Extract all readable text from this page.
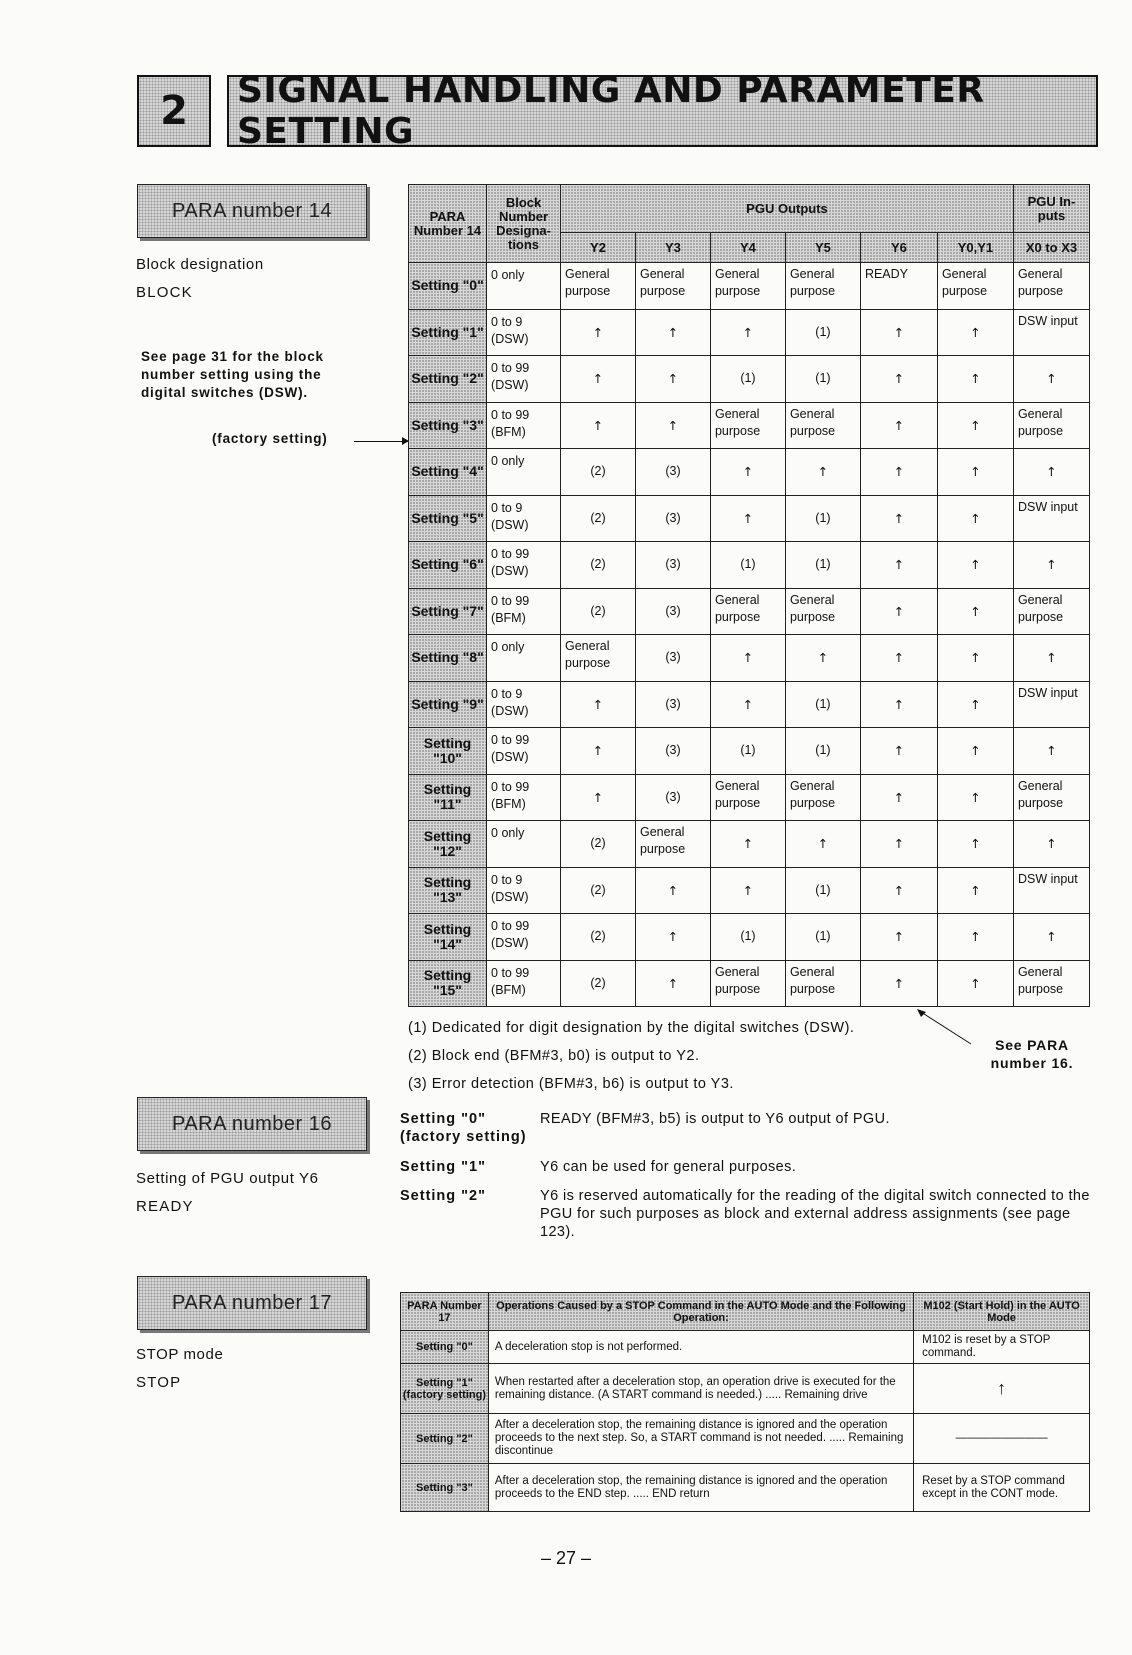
2 SIGNAL HANDLING AND PARAMETER SETTING
PARA number 14
Block designation
BLOCK
See page 31 for the block number setting using the digital switches (DSW).
(factory setting)
PARA Number 14	Block Number Designa- tions	PGU Outputs						PGU In- puts
		Y2	Y3	Y4	Y5	Y6	Y0,Y1	X0 to X3
Setting "0"	0 only	General purpose	General purpose	General purpose	General purpose	READY	General purpose	General purpose
Setting "1"	0 to 9 (DSW)	↑	↑	↑	(1)	↑	↑	DSW input
Setting "2"	0 to 99 (DSW)	↑	↑	(1)	(1)	↑	↑	↑
Setting "3"	0 to 99 (BFM)	↑	↑	General purpose	General purpose	↑	↑	General purpose
Setting "4"	0 only	(2)	(3)	↑	↑	↑	↑	↑
Setting "5"	0 to 9 (DSW)	(2)	(3)	↑	(1)	↑	↑	DSW input
Setting "6"	0 to 99 (DSW)	(2)	(3)	(1)	(1)	↑	↑	↑
Setting "7"	0 to 99 (BFM)	(2)	(3)	General purpose	General purpose	↑	↑	General purpose
Setting "8"	0 only	General purpose	(3)	↑	↑	↑	↑	↑
Setting "9"	0 to 9 (DSW)	↑	(3)	↑	(1)	↑	↑	DSW input
Setting "10"	0 to 99 (DSW)	↑	(3)	(1)	(1)	↑	↑	↑
Setting "11"	0 to 99 (BFM)	↑	(3)	General purpose	General purpose	↑	↑	General purpose
Setting "12"	0 only	(2)	General purpose	↑	↑	↑	↑	↑
Setting "13"	0 to 9 (DSW)	(2)	↑	↑	(1)	↑	↑	DSW input
Setting "14"	0 to 99 (DSW)	(2)	↑	(1)	(1)	↑	↑	↑
Setting "15"	0 to 99 (BFM)	(2)	↑	General purpose	General purpose	↑	↑	General purpose
(1) Dedicated for digit designation by the digital switches (DSW).
(2) Block end (BFM#3, b0) is output to Y2.
(3) Error detection (BFM#3, b6) is output to Y3.
See PARA number 16.
PARA number 16
Setting of PGU output Y6
READY
Setting "0"
(factory setting)
READY (BFM#3, b5) is output to Y6 output of PGU.
Setting "1"	Y6 can be used for general purposes.
Setting "2"	Y6 is reserved automatically for the reading of the digital switch connected to the PGU for such purposes as block and external address assignments (see page 123).
PARA number 17
STOP mode
STOP
PARA Number 17	Operations Caused by a STOP Command in the AUTO Mode and the Following Operation:	M102 (Start Hold) in the AUTO Mode
Setting "0"	A deceleration stop is not performed.	M102 is reset by a STOP command.
Setting "1" (factory setting)	When restarted after a deceleration stop, an operation drive is executed for the remaining distance. (A START command is needed.) ..... Remaining drive	↑
Setting "2"	After a deceleration stop, the remaining distance is ignored and the operation proceeds to the next step. So, a START command is not needed. ..... Remaining discontinue	————————
Setting "3"	After a deceleration stop, the remaining distance is ignored and the operation proceeds to the END step. ..... END return	Reset by a STOP command except in the CONT mode.
– 27 –
